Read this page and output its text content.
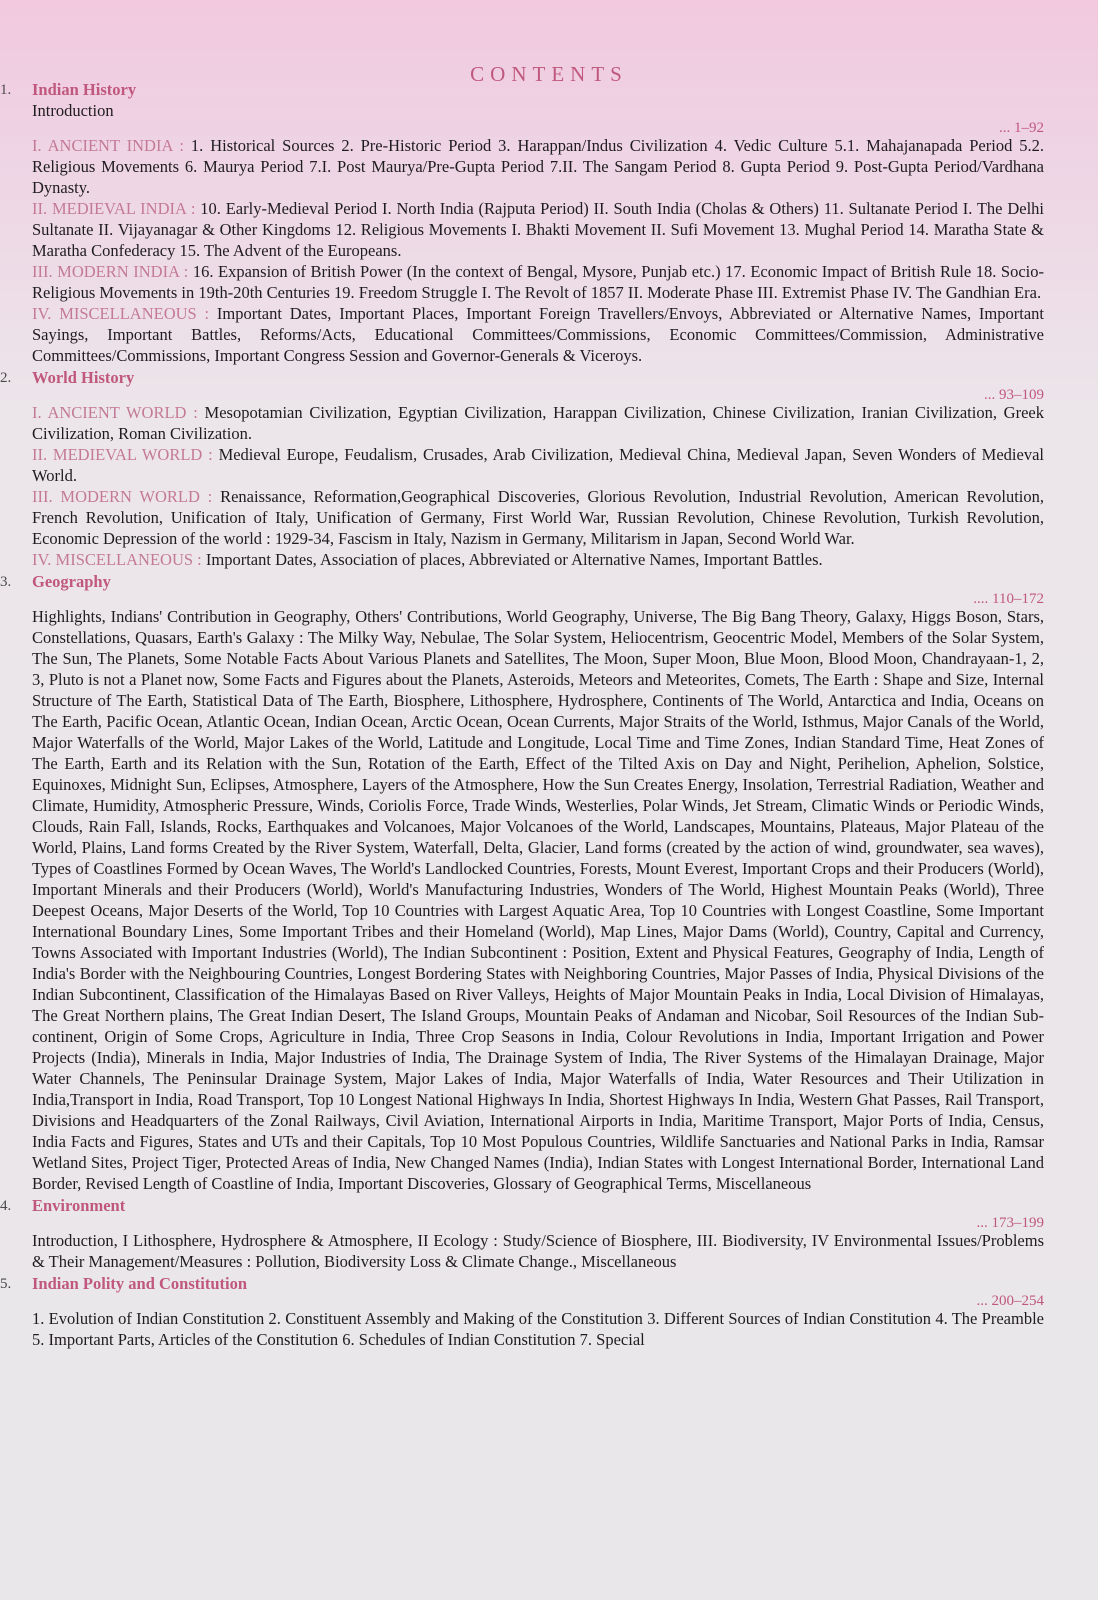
CONTENTS
1.	Indian History
Introduction
... 1–92
I. ANCIENT INDIA : 1. Historical Sources 2. Pre-Historic Period 3. Harappan/Indus Civilization 4. Vedic Culture 5.1. Mahajanapada Period 5.2. Religious Movements 6. Maurya Period 7.I. Post Maurya/Pre-Gupta Period 7.II. The Sangam Period 8. Gupta Period 9. Post-Gupta Period/Vardhana Dynasty.
II. MEDIEVAL INDIA : 10. Early-Medieval Period I. North India (Rajputa Period) II. South India (Cholas & Others) 11. Sultanate Period I. The Delhi Sultanate II. Vijayanagar & Other Kingdoms 12. Religious Movements I. Bhakti Movement II. Sufi Movement 13. Mughal Period 14. Maratha State & Maratha Confederacy 15. The Advent of the Europeans.
III. MODERN INDIA : 16. Expansion of British Power (In the context of Bengal, Mysore, Punjab etc.) 17. Economic Impact of British Rule 18. Socio-Religious Movements in 19th-20th Centuries 19. Freedom Struggle I. The Revolt of 1857 II. Moderate Phase III. Extremist Phase IV. The Gandhian Era.
IV. MISCELLANEOUS : Important Dates, Important Places, Important Foreign Travellers/Envoys, Abbreviated or Alternative Names, Important Sayings, Important Battles, Reforms/Acts, Educational Committees/Commissions, Economic Committees/Commission, Administrative Committees/Commissions, Important Congress Session and Governor-Generals & Viceroys.
2.	World History
... 93–109
I. ANCIENT WORLD : Mesopotamian Civilization, Egyptian Civilization, Harappan Civilization, Chinese Civilization, Iranian Civilization, Greek Civilization, Roman Civilization.
II. MEDIEVAL WORLD : Medieval Europe, Feudalism, Crusades, Arab Civilization, Medieval China, Medieval Japan, Seven Wonders of Medieval World.
III. MODERN WORLD : Renaissance, Reformation,Geographical Discoveries, Glorious Revolution, Industrial Revolution, American Revolution, French Revolution, Unification of Italy, Unification of Germany, First World War, Russian Revolution, Chinese Revolution, Turkish Revolution, Economic Depression of the world : 1929-34, Fascism in Italy, Nazism in Germany, Militarism in Japan, Second World War.
IV. MISCELLANEOUS : Important Dates, Association of places, Abbreviated or Alternative Names, Important Battles.
3.	Geography
.... 110–172
Highlights, Indians' Contribution in Geography, Others' Contributions, World Geography, Universe, The Big Bang Theory, Galaxy, Higgs Boson, Stars, Constellations, Quasars, Earth's Galaxy : The Milky Way, Nebulae, The Solar System, Heliocentrism, Geocentric Model, Members of the Solar System, The Sun, The Planets, Some Notable Facts About Various Planets and Satellites, The Moon, Super Moon, Blue Moon, Blood Moon, Chandrayaan-1, 2, 3, Pluto is not a Planet now, Some Facts and Figures about the Planets, Asteroids, Meteors and Meteorites, Comets, The Earth : Shape and Size, Internal Structure of The Earth, Statistical Data of The Earth, Biosphere, Lithosphere, Hydrosphere, Continents of The World, Antarctica and India, Oceans on The Earth, Pacific Ocean, Atlantic Ocean, Indian Ocean, Arctic Ocean, Ocean Currents, Major Straits of the World, Isthmus, Major Canals of the World, Major Waterfalls of the World, Major Lakes of the World, Latitude and Longitude, Local Time and Time Zones, Indian Standard Time, Heat Zones of The Earth, Earth and its Relation with the Sun, Rotation of the Earth, Effect of the Tilted Axis on Day and Night, Perihelion, Aphelion, Solstice, Equinoxes, Midnight Sun, Eclipses, Atmosphere, Layers of the Atmosphere, How the Sun Creates Energy, Insolation, Terrestrial Radiation, Weather and Climate, Humidity, Atmospheric Pressure, Winds, Coriolis Force, Trade Winds, Westerlies, Polar Winds, Jet Stream, Climatic Winds or Periodic Winds, Clouds, Rain Fall, Islands, Rocks, Earthquakes and Volcanoes, Major Volcanoes of the World, Landscapes, Mountains, Plateaus, Major Plateau of the World, Plains, Land forms Created by the River System, Waterfall, Delta, Glacier, Land forms (created by the action of wind, groundwater, sea waves), Types of Coastlines Formed by Ocean Waves, The World's Landlocked Countries, Forests, Mount Everest, Important Crops and their Producers (World), Important Minerals and their Producers (World), World's Manufacturing Industries, Wonders of The World, Highest Mountain Peaks (World), Three Deepest Oceans, Major Deserts of the World, Top 10 Countries with Largest Aquatic Area, Top 10 Countries with Longest Coastline, Some Important International Boundary Lines, Some Important Tribes and their Homeland (World), Map Lines, Major Dams (World), Country, Capital and Currency, Towns Associated with Important Industries (World), The Indian Subcontinent : Position, Extent and Physical Features, Geography of India, Length of India's Border with the Neighbouring Countries, Longest Bordering States with Neighboring Countries, Major Passes of India, Physical Divisions of the Indian Subcontinent, Classification of the Himalayas Based on River Valleys, Heights of Major Mountain Peaks in India, Local Division of Himalayas, The Great Northern plains, The Great Indian Desert, The Island Groups, Mountain Peaks of Andaman and Nicobar, Soil Resources of the Indian Sub-continent, Origin of Some Crops, Agriculture in India, Three Crop Seasons in India, Colour Revolutions in India, Important Irrigation and Power Projects (India), Minerals in India, Major Industries of India, The Drainage System of India, The River Systems of the Himalayan Drainage, Major Water Channels, The Peninsular Drainage System, Major Lakes of India, Major Waterfalls of India, Water Resources and Their Utilization in India,Transport in India, Road Transport, Top 10 Longest National Highways In India, Shortest Highways In India, Western Ghat Passes, Rail Transport, Divisions and Headquarters of the Zonal Railways, Civil Aviation, International Airports in India, Maritime Transport, Major Ports of India, Census, India Facts and Figures, States and UTs and their Capitals, Top 10 Most Populous Countries, Wildlife Sanctuaries and National Parks in India, Ramsar Wetland Sites, Project Tiger, Protected Areas of India, New Changed Names (India), Indian States with Longest International Border, International Land Border, Revised Length of Coastline of India, Important Discoveries, Glossary of Geographical Terms, Miscellaneous
4.	Environment
... 173–199
Introduction, I Lithosphere, Hydrosphere & Atmosphere, II Ecology : Study/Science of Biosphere, III. Biodiversity, IV Environmental Issues/Problems & Their Management/Measures : Pollution, Biodiversity Loss & Climate Change., Miscellaneous
5.	Indian Polity and Constitution
... 200–254
1. Evolution of Indian Constitution 2. Constituent Assembly and Making of the Constitution 3. Different Sources of Indian Constitution 4. The Preamble 5. Important Parts, Articles of the Constitution 6. Schedules of Indian Constitution 7. Special
